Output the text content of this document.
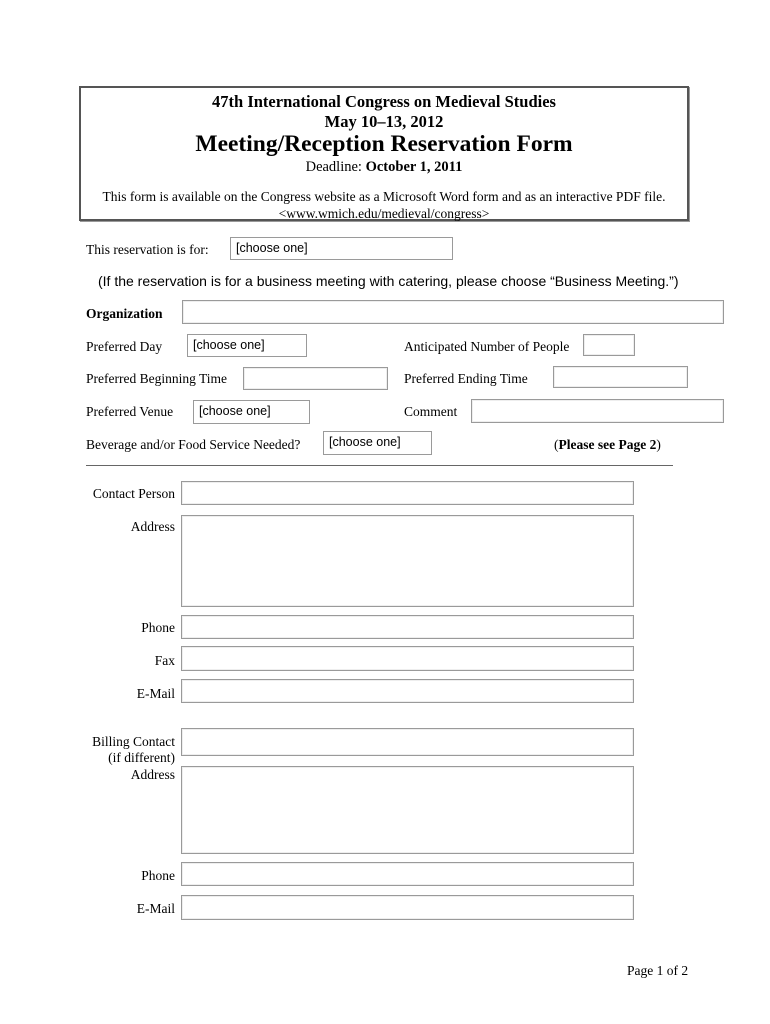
47th International Congress on Medieval Studies
May 10–13, 2012
Meeting/Reception Reservation Form
Deadline: October 1, 2011
This form is available on the Congress website as a Microsoft Word form and as an interactive PDF file.
<www.wmich.edu/medieval/congress>
This reservation is for:	[choose one]
(If the reservation is for a business meeting with catering, please choose “Business Meeting.”)
Organization
Preferred Day	[choose one]	Anticipated Number of People
Preferred Beginning Time	Preferred Ending Time
Preferred Venue	[choose one]	Comment
Beverage and/or Food Service Needed?	[choose one]	(Please see Page 2)
Contact Person
Address
Phone
Fax
E-Mail
Billing Contact
(if different)
Address
Phone
E-Mail
Page 1 of 2
